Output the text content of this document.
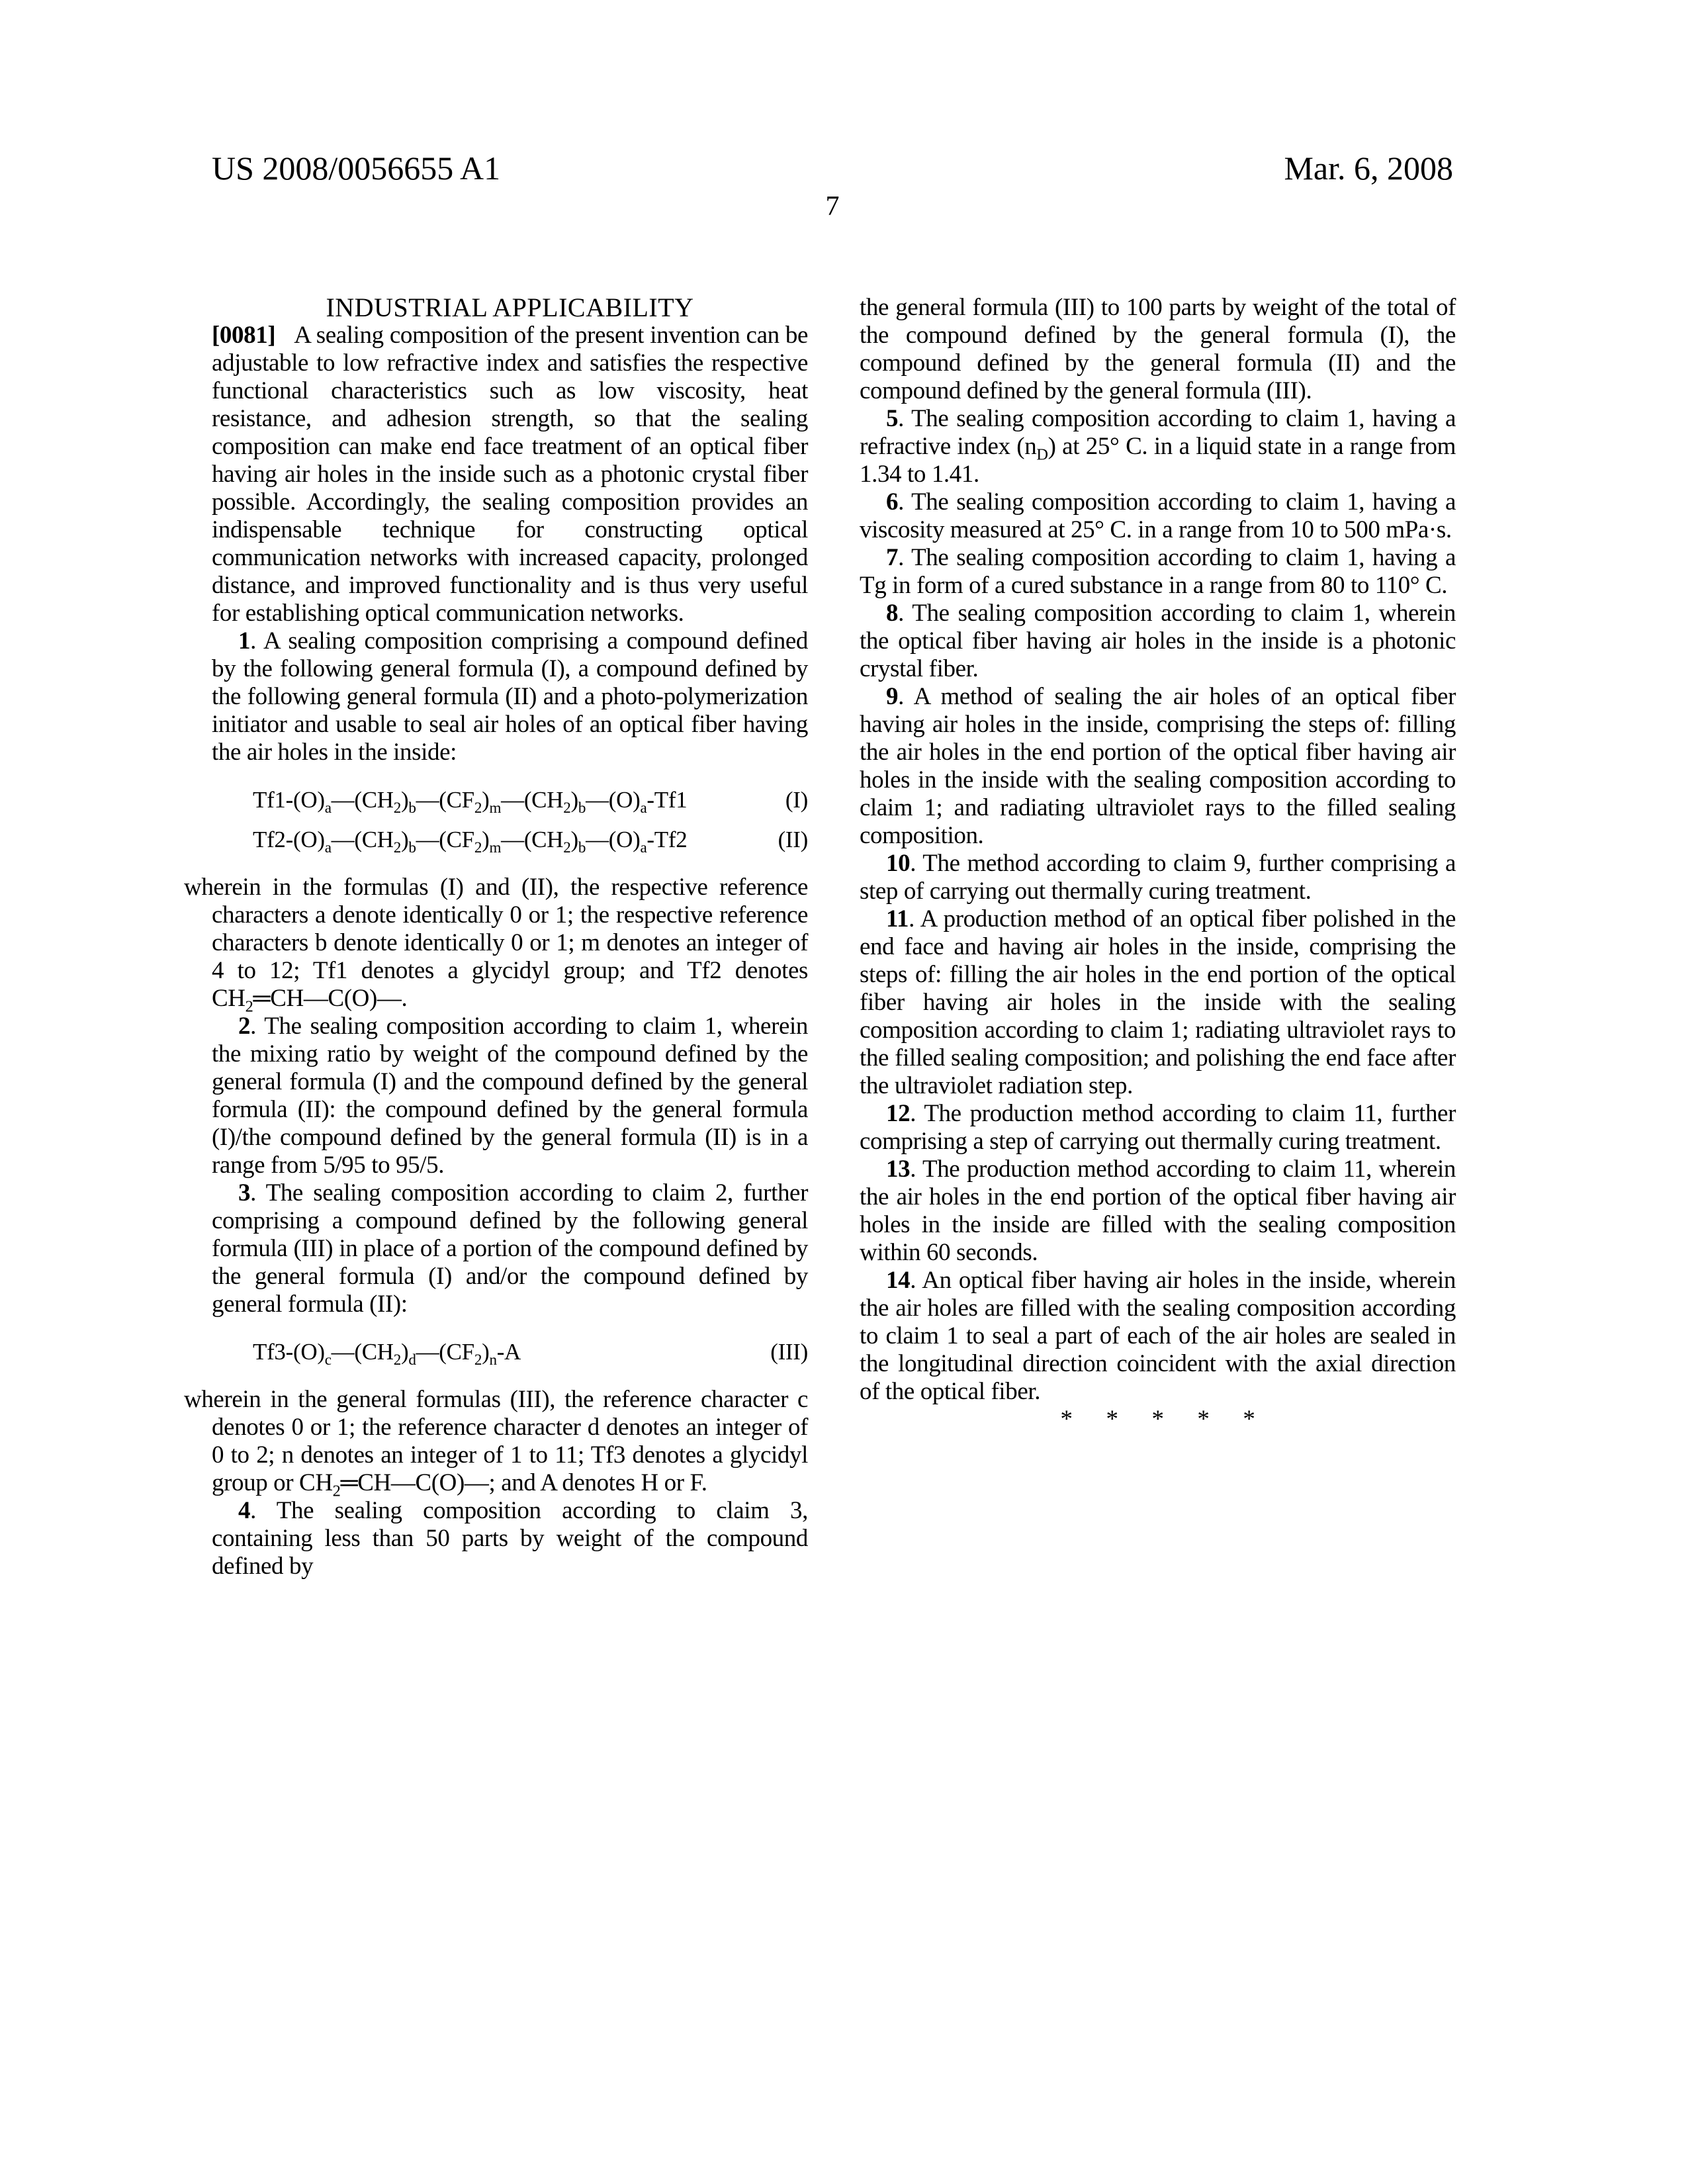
US 2008/0056655 A1	Mar. 6, 2008
7

INDUSTRIAL APPLICABILITY

[0081] A sealing composition of the present invention can be adjustable to low refractive index and satisfies the respective functional characteristics such as low viscosity, heat resistance, and adhesion strength, so that the sealing composition can make end face treatment of an optical fiber having air holes in the inside such as a photonic crystal fiber possible. Accordingly, the sealing composition provides an indispensable technique for constructing optical communication networks with increased capacity, prolonged distance, and improved functionality and is thus very useful for establishing optical communication networks.

1. A sealing composition comprising a compound defined by the following general formula (I), a compound defined by the following general formula (II) and a photo-polymerization initiator and usable to seal air holes of an optical fiber having the air holes in the inside:

$Tf1-(O)_a—(CH_2)_b—(CF_2)_m—(CH_2)_b—(O)_a-Tf1$	(I)
$Tf2-(O)_a—(CH_2)_b—(CF_2)_m—(CH_2)_b—(O)_a-Tf2$	(II)

wherein in the formulas (I) and (II), the respective reference characters a denote identically 0 or 1; the respective reference characters b denote identically 0 or 1; m denotes an integer of 4 to 12; Tf1 denotes a glycidyl group; and Tf2 denotes $CH_2═CH—C(O)—$.

2. The sealing composition according to claim 1, wherein the mixing ratio by weight of the compound defined by the general formula (I) and the compound defined by the general formula (II): the compound defined by the general formula (I)/the compound defined by the general formula (II) is in a range from 5/95 to 95/5.

3. The sealing composition according to claim 2, further comprising a compound defined by the following general formula (III) in place of a portion of the compound defined by the general formula (I) and/or the compound defined by general formula (II):

$Tf3-(O)_c—(CH_2)_d—(CF_2)_n-A$	(III)

wherein in the general formulas (III), the reference character c denotes 0 or 1; the reference character d denotes an integer of 0 to 2; n denotes an integer of 1 to 11; Tf3 denotes a glycidyl group or $CH_2═CH—C(O)—$; and A denotes H or F.

4. The sealing composition according to claim 3, containing less than 50 parts by weight of the compound defined by

the general formula (III) to 100 parts by weight of the total of the compound defined by the general formula (I), the compound defined by the general formula (II) and the compound defined by the general formula (III).

5. The sealing composition according to claim 1, having a refractive index $(n_D)$ at 25° C. in a liquid state in a range from 1.34 to 1.41.

6. The sealing composition according to claim 1, having a viscosity measured at 25° C. in a range from 10 to 500 mPa·s.

7. The sealing composition according to claim 1, having a Tg in form of a cured substance in a range from 80 to 110° C.

8. The sealing composition according to claim 1, wherein the optical fiber having air holes in the inside is a photonic crystal fiber.

9. A method of sealing the air holes of an optical fiber having air holes in the inside, comprising the steps of: filling the air holes in the end portion of the optical fiber having air holes in the inside with the sealing composition according to claim 1; and radiating ultraviolet rays to the filled sealing composition.

10. The method according to claim 9, further comprising a step of carrying out thermally curing treatment.

11. A production method of an optical fiber polished in the end face and having air holes in the inside, comprising the steps of: filling the air holes in the end portion of the optical fiber having air holes in the inside with the sealing composition according to claim 1; radiating ultraviolet rays to the filled sealing composition; and polishing the end face after the ultraviolet radiation step.

12. The production method according to claim 11, further comprising a step of carrying out thermally curing treatment.

13. The production method according to claim 11, wherein the air holes in the end portion of the optical fiber having air holes in the inside are filled with the sealing composition within 60 seconds.

14. An optical fiber having air holes in the inside, wherein the air holes are filled with the sealing composition according to claim 1 to seal a part of each of the air holes are sealed in the longitudinal direction coincident with the axial direction of the optical fiber.

* * * * *
